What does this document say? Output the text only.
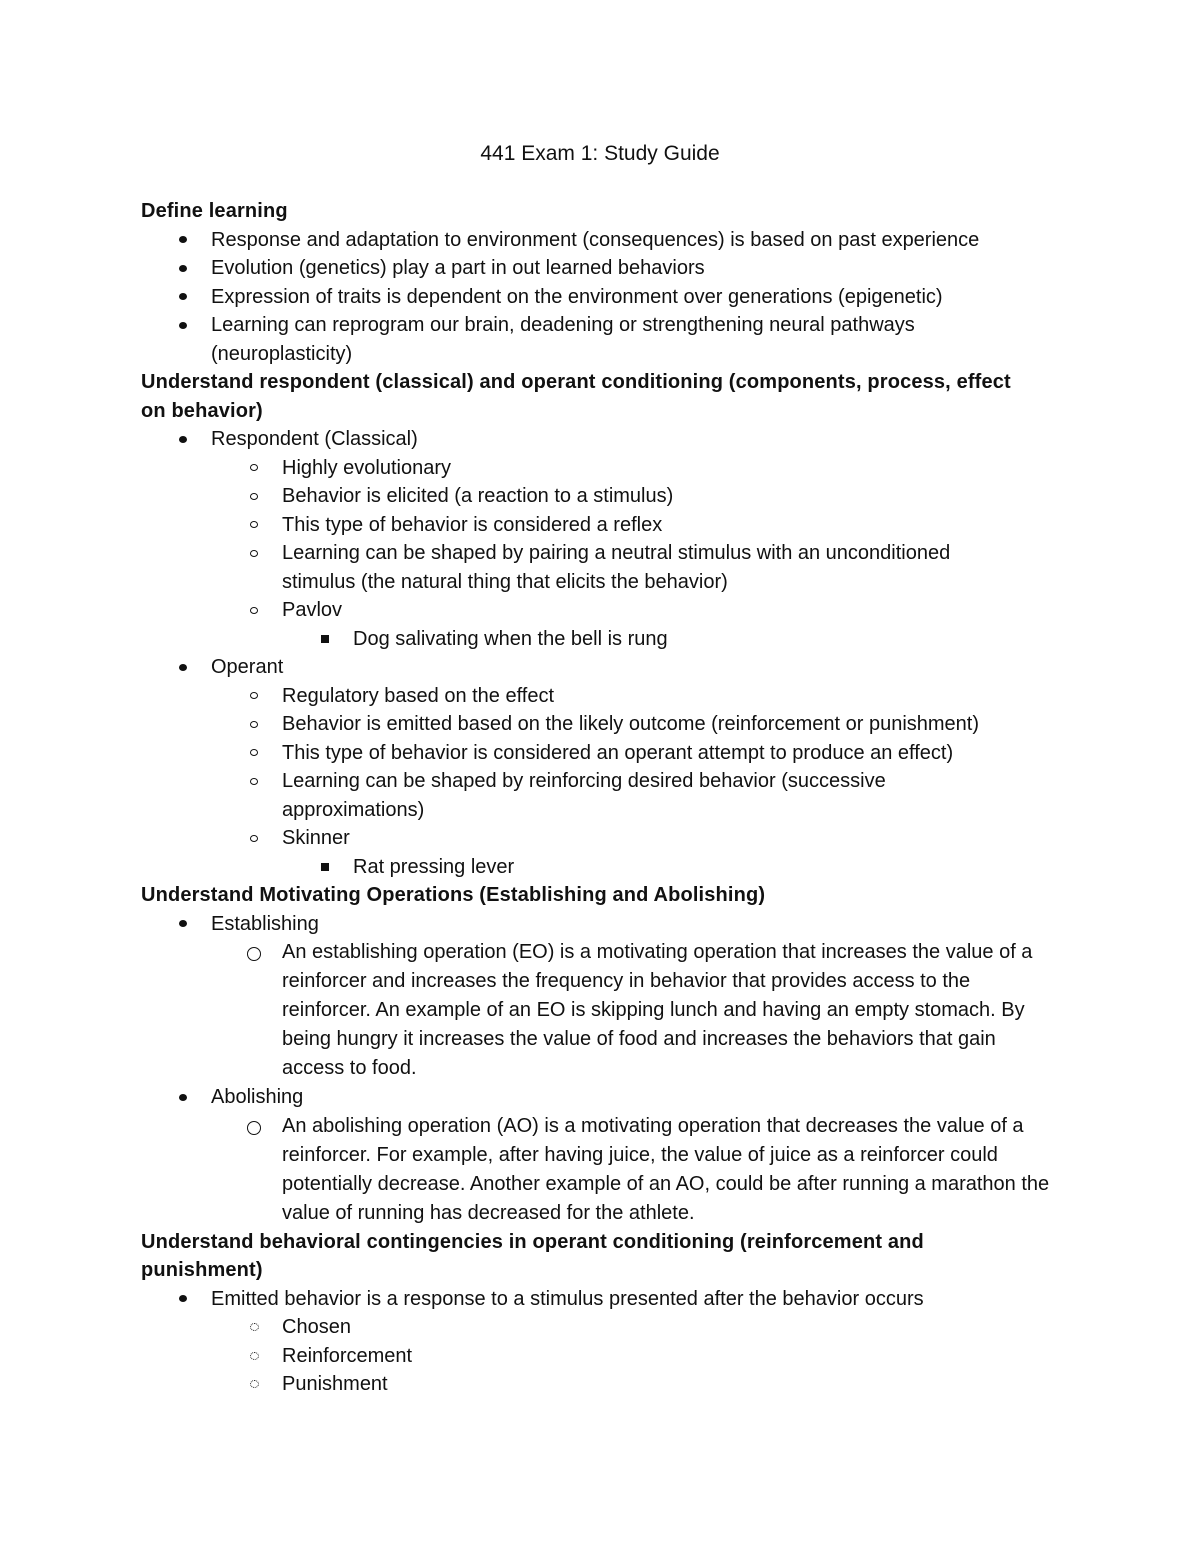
441 Exam 1: Study Guide
Define learning
Response and adaptation to environment (consequences) is based on past experience
Evolution (genetics) play a part in out learned behaviors
Expression of traits is dependent on the environment over generations (epigenetic)
Learning can reprogram our brain, deadening or strengthening neural pathways (neuroplasticity)
Understand respondent (classical) and operant conditioning (components, process, effect on behavior)
Respondent (Classical)
Highly evolutionary
Behavior is elicited (a reaction to a stimulus)
This type of behavior is considered a reflex
Learning can be shaped by pairing a neutral stimulus with an unconditioned stimulus (the natural thing that elicits the behavior)
Pavlov
Dog salivating when the bell is rung
Operant
Regulatory based on the effect
Behavior is emitted based on the likely outcome (reinforcement or punishment)
This type of behavior is considered an operant attempt to produce an effect)
Learning can be shaped by reinforcing desired behavior (successive approximations)
Skinner
Rat pressing lever
Understand Motivating Operations (Establishing and Abolishing)
Establishing
An establishing operation (EO) is a motivating operation that increases the value of a reinforcer and increases the frequency in behavior that provides access to the reinforcer. An example of an EO is skipping lunch and having an empty stomach. By being hungry it increases the value of food and increases the behaviors that gain access to food.
Abolishing
An abolishing operation (AO) is a motivating operation that decreases the value of a reinforcer. For example, after having juice, the value of juice as a reinforcer could potentially decrease. Another example of an AO, could be after running a marathon the value of running has decreased for the athlete.
Understand behavioral contingencies in operant conditioning (reinforcement and punishment)
Emitted behavior is a response to a stimulus presented after the behavior occurs
Chosen
Reinforcement
Punishment
